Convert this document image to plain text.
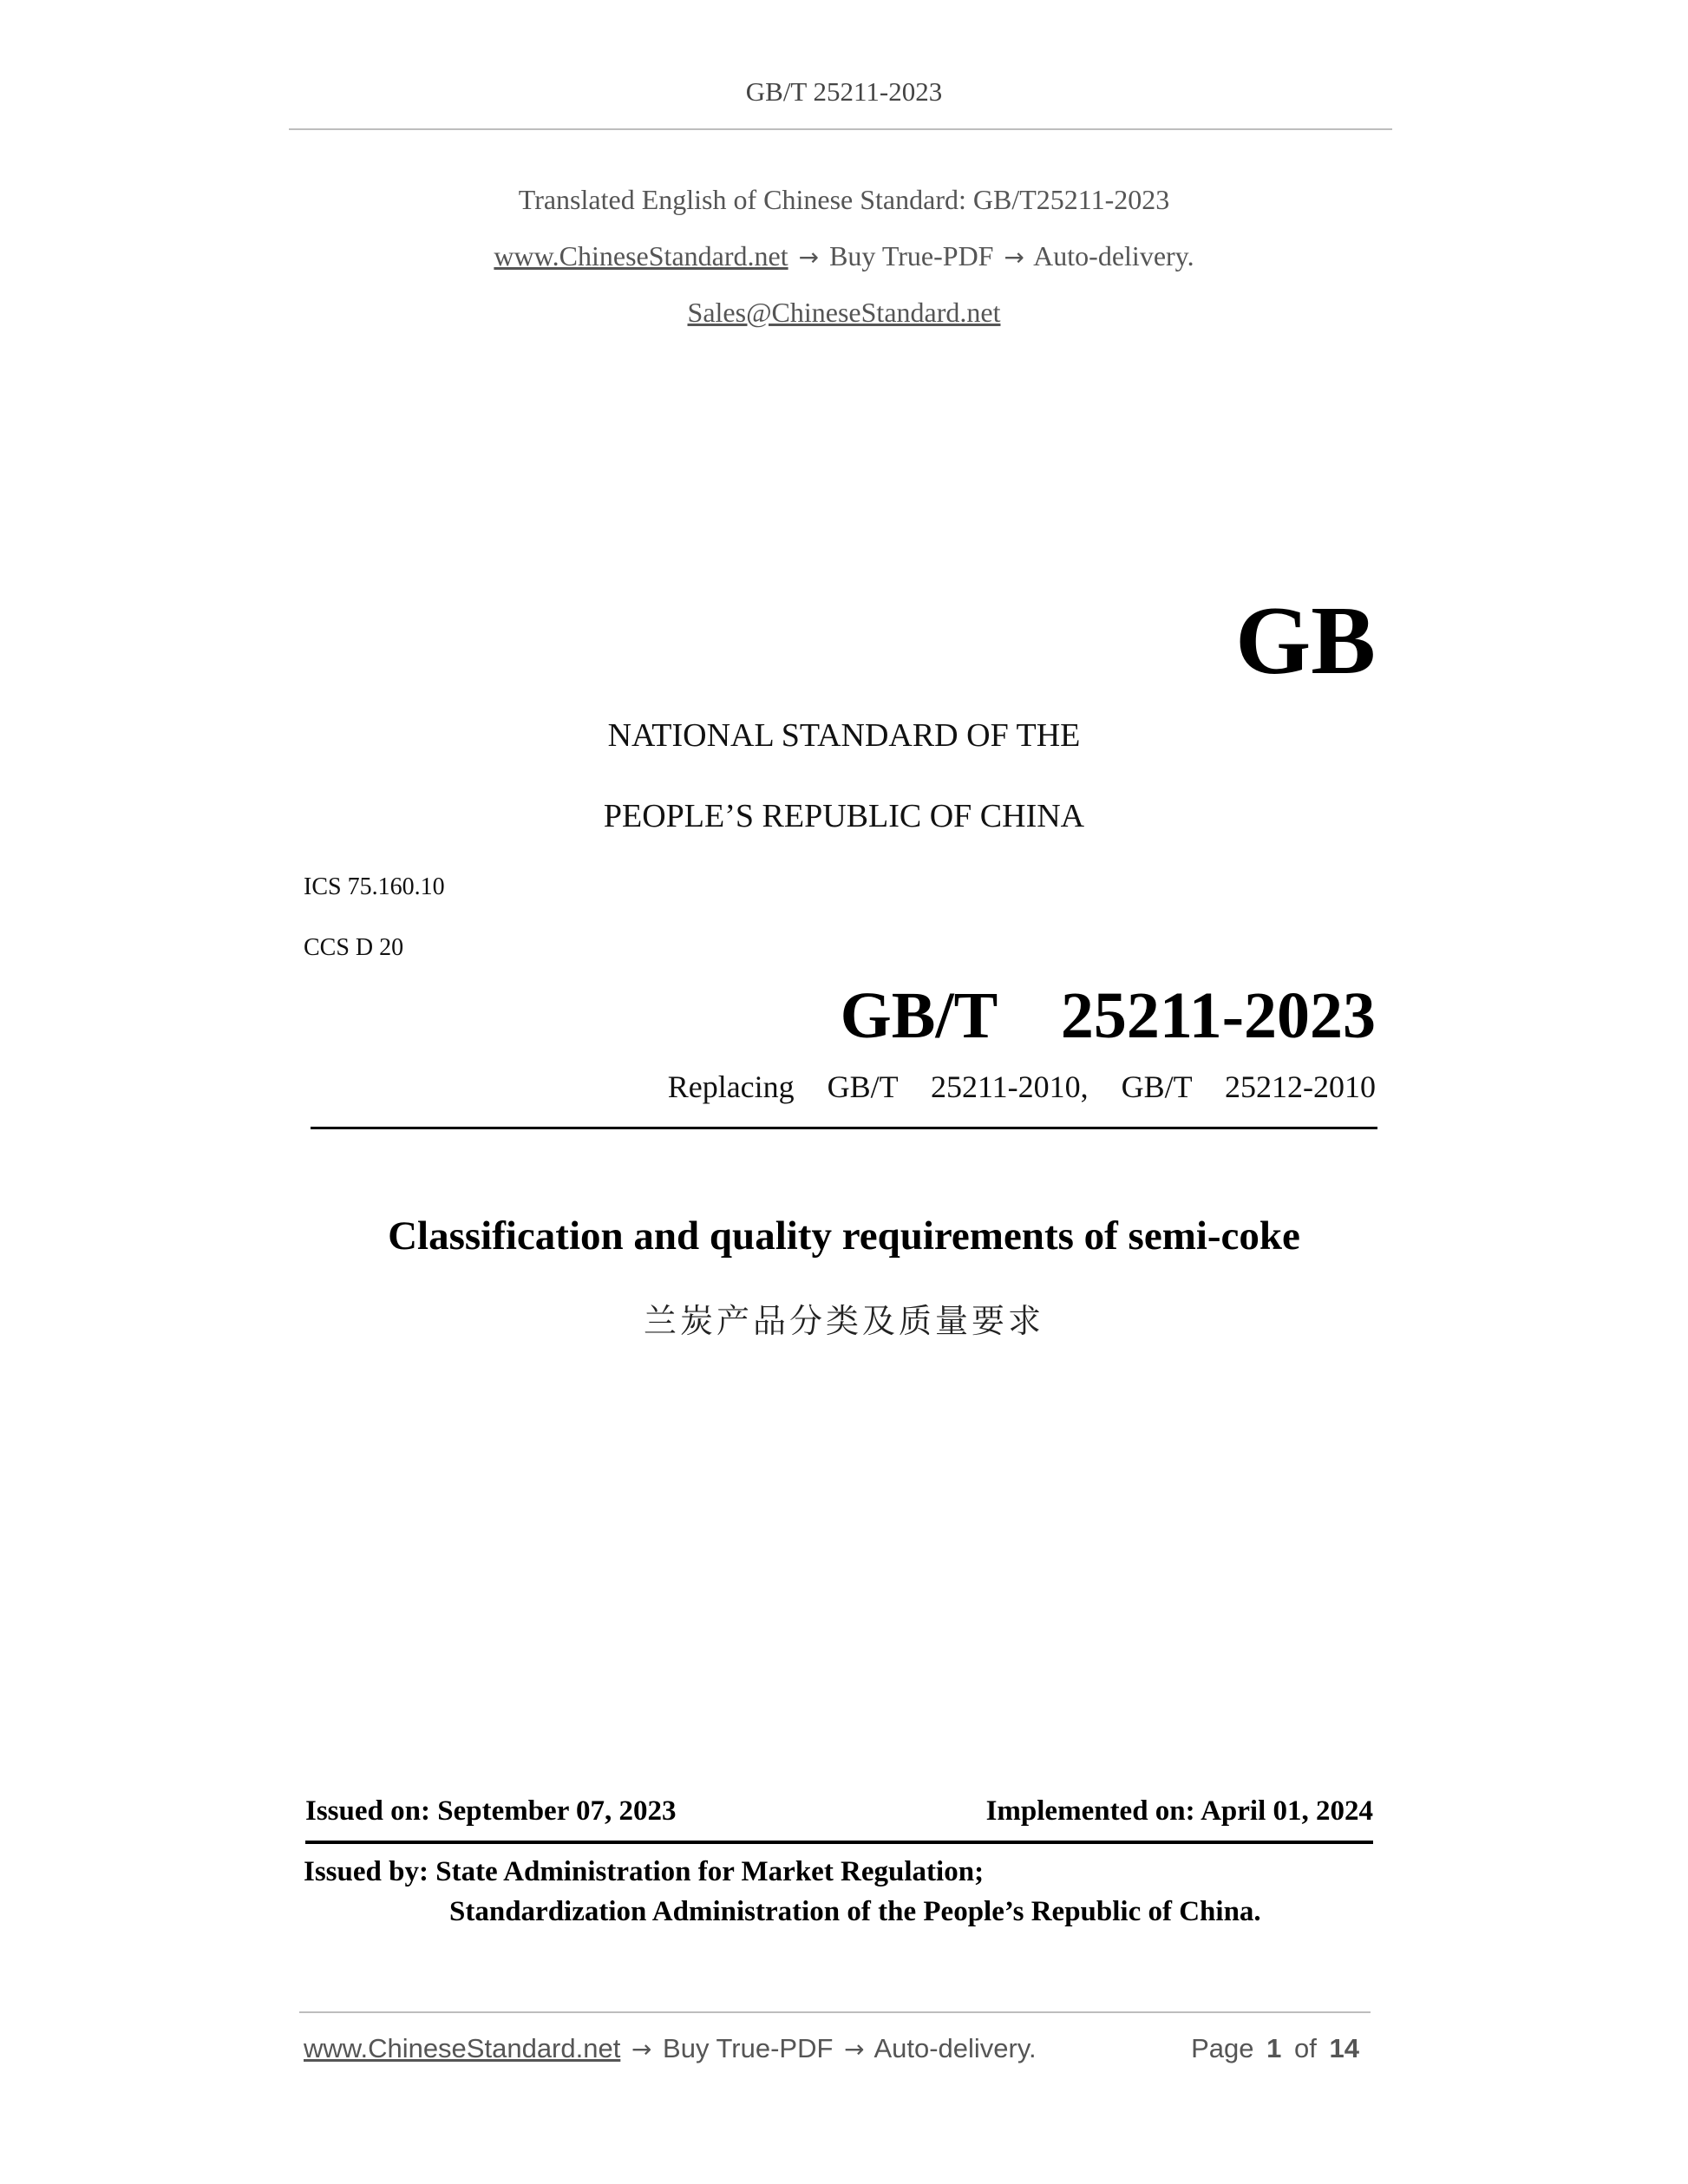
GB/T 25211-2023
Translated English of Chinese Standard: GB/T25211-2023
www.ChineseStandard.net → Buy True-PDF → Auto-delivery.
Sales@ChineseStandard.net
GB
NATIONAL STANDARD OF THE
PEOPLE’S REPUBLIC OF CHINA
ICS 75.160.10
CCS D 20
GB/T  25211-2023
Replacing  GB/T  25211-2010,  GB/T  25212-2010
Classification and quality requirements of semi-coke
兰炭产品分类及质量要求
Issued on: September 07, 2023	Implemented on: April 01, 2024
Issued by: State Administration for Market Regulation;
Standardization Administration of the People’s Republic of China.
www.ChineseStandard.net → Buy True-PDF → Auto-delivery.	Page 1 of 14
